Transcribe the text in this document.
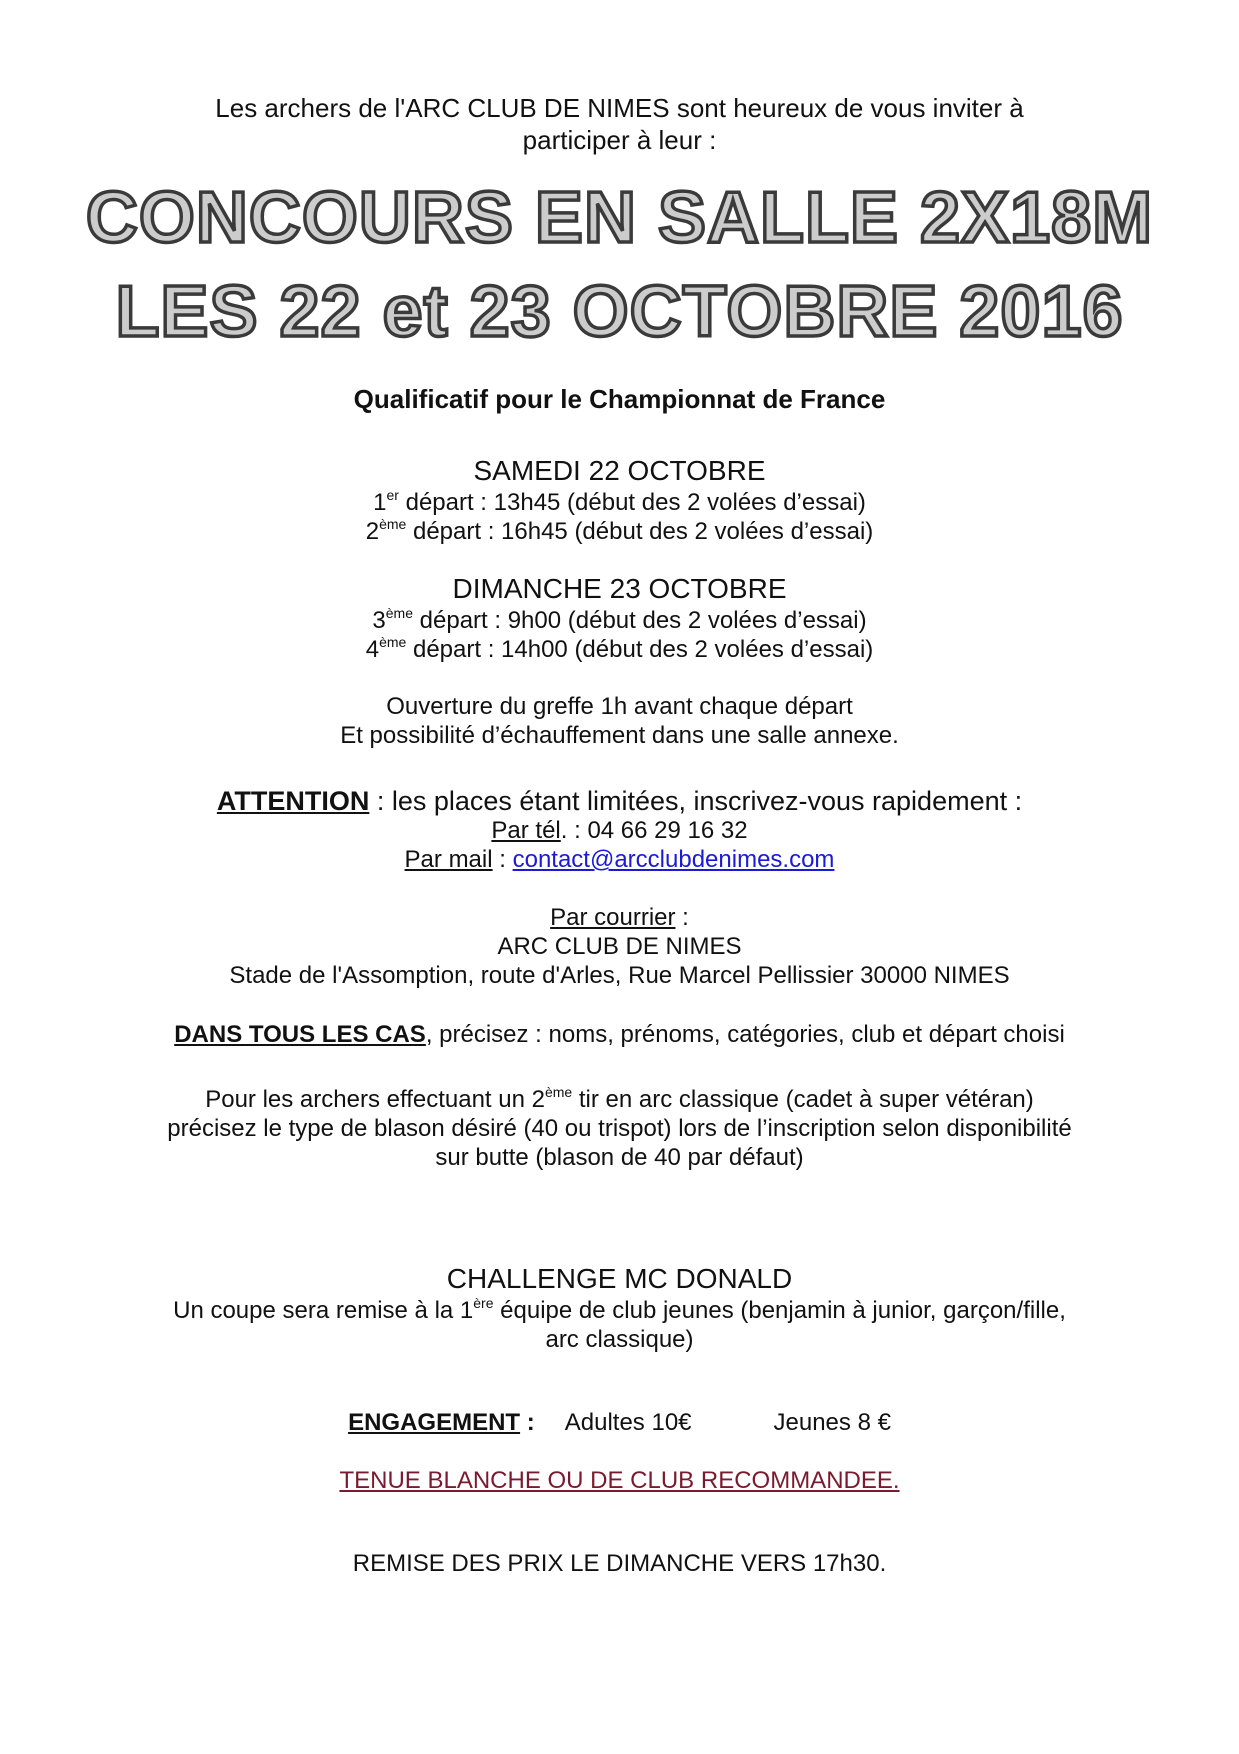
Les archers de l'ARC CLUB DE NIMES sont heureux de vous inviter à
participer à leur :
CONCOURS EN SALLE 2X18M
LES 22 et 23 OCTOBRE 2016
Qualificatif pour le Championnat de France
SAMEDI 22 OCTOBRE
1er départ : 13h45 (début des 2 volées d’essai)
2ème départ : 16h45 (début des 2 volées d’essai)
DIMANCHE 23 OCTOBRE
3ème départ : 9h00 (début des 2 volées d’essai)
4ème départ : 14h00 (début des 2 volées d’essai)
Ouverture du greffe 1h avant chaque départ
Et possibilité d’échauffement dans une salle annexe.
ATTENTION : les places étant limitées, inscrivez-vous rapidement :
Par tél. : 04 66 29 16 32
Par mail : contact@arcclubdenimes.com
Par courrier :
ARC CLUB DE NIMES
Stade de l'Assomption, route d'Arles, Rue Marcel Pellissier 30000 NIMES
DANS TOUS LES CAS, précisez : noms, prénoms, catégories, club et départ choisi
Pour les archers effectuant un 2ème tir en arc classique (cadet à super vétéran)
précisez le type de blason désiré (40 ou trispot) lors de l’inscription selon disponibilité
sur butte (blason de 40 par défaut)
CHALLENGE MC DONALD
Un coupe sera remise à la 1ère équipe de club jeunes (benjamin à junior, garçon/fille,
arc classique)
ENGAGEMENT : Adultes 10€	Jeunes 8 €
TENUE BLANCHE OU DE CLUB RECOMMANDEE.
REMISE DES PRIX LE DIMANCHE VERS 17h30.
